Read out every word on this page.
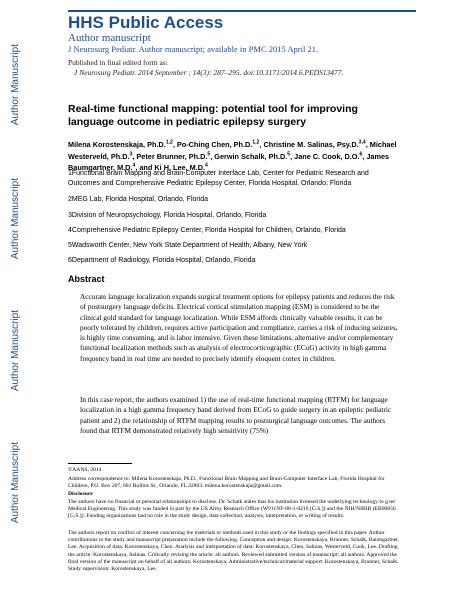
Author Manuscript
Author Manuscript
Author Manuscript
Author Manuscript
HHS Public Access
Author manuscript
J Neurosurg Pediatr. Author manuscript; available in PMC 2015 April 21.
Published in final edited form as:
J Neurosurg Pediatr. 2014 September ; 14(3): 287–295. doi:10.3171/2014.6.PEDS13477.
Real-time functional mapping: potential tool for improving language outcome in pediatric epilepsy surgery
Milena Korostenskaja, Ph.D.$^{1,2}$, Po-Ching Chen, Ph.D.$^{1,2}$, Christine M. Salinas, Psy.D.$^{3,4}$, Michael Westerveld, Ph.D.$^3$, Peter Brunner, Ph.D.$^5$, Gerwin Schalk, Ph.D.$^5$, Jane C. Cook, D.O.$^6$, James Baumgartner, M.D.$^4$, and Ki H. Lee, M.D.$^4$
1Functional Brain Mapping and Brain-Computer Interface Lab, Center for Pediatric Research and Outcomes and Comprehensive Pediatric Epilepsy Center, Florida Hospital, Orlando, Florida
2MEG Lab, Florida Hospital, Orlando, Florida
3Division of Neuropsychology, Florida Hospital, Orlando, Florida
4Comprehensive Pediatric Epilepsy Center, Florida Hospital for Children, Orlando, Florida
5Wadsworth Center, New York State Department of Health, Albany, New York
6Department of Radiology, Florida Hospital, Orlando, Florida
Abstract
Accurate language localization expands surgical treatment options for epilepsy patients and reduces the risk of postsurgery language deficits. Electrical cortical stimulation mapping (ESM) is considered to be the clinical gold standard for language localization. While ESM affords clinically valuable results, it can be poorly tolerated by children, requires active participation and compliance, carries a risk of inducing seizures, is highly time consuming, and is labor intensive. Given these limitations, alternative and/or complementary functional localization methods such as analysis of electrocorticographic (ECoG) activity in high gamma frequency band in real time are needed to precisely identify eloquent cortex in children.
In this case report, the authors examined 1) the use of real-time functional mapping (RTFM) for language localization in a high gamma frequency band derived from ECoG to guide surgery in an epileptic pediatric patient and 2) the relationship of RTFM mapping results to postsurgical language outcomes. The authors found that RTFM demonstrated relatively high sensitivity (75%)
©AANS, 2014
Address correspondence to: Milena Korostenskaja, Ph.D., Functional Brain Mapping and Brain-Computer Interface Lab, Florida Hospital for Children, P.O. Box 207, 601 Rollins St., Orlando, FL 32803. milena.korostenskaja@gmail.com.
Disclosure
The authors have no financial or personal relationships to disclose. Dr. Schalk states that his institution licensed the underlying technology to g.tec Medical Engineering. This study was funded in part by the US Army Research Office (W911NF-08-1-0216 [G.S.]) and the NIH/NIBIB (EB00856 [G.S.]). Funding organizations had no role in the study design, data collection, analysis, interpretation, or writing of results.
The authors report no conflict of interest concerning the materials or methods used in this study or the findings specified in this paper. Author contributions to the study and manuscript preparation include the following. Conception and design: Korostenskaya, Brunner, Schalk, Baumgartner, Lee. Acquisition of data: Korostenskaya, Chen. Analysis and interpretation of data: Korostenskaya, Chen, Salinas, Westerveld, Cook, Lee. Drafting the article: Korostenskaya, Salinas. Critically revising the article: all authors. Reviewed submitted version of manuscript: all authors. Approved the final version of the manuscript on behalf of all authors: Korostenskaya. Administrative/technical/material support: Korostenskaya, Brunner, Schalk. Study supervision: Korostenskaya, Lee.
